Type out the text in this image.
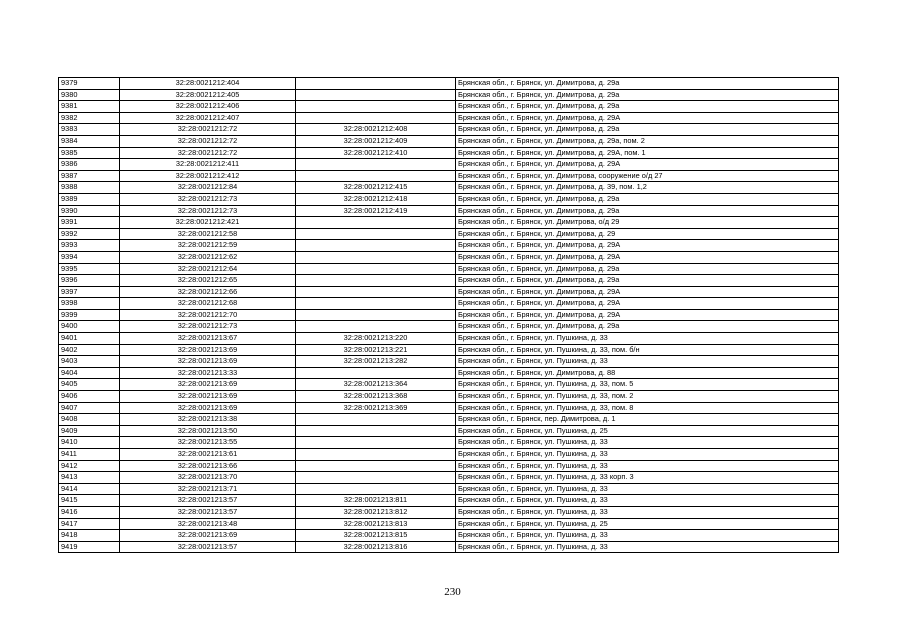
9379	32:28:0021212:404		Брянская обл., г. Брянск, ул. Димитрова, д. 29а
9380	32:28:0021212:405		Брянская обл., г. Брянск, ул. Димитрова, д. 29а
9381	32:28:0021212:406		Брянская обл., г. Брянск, ул. Димитрова, д. 29а
9382	32:28:0021212:407		Брянская обл., г. Брянск, ул. Димитрова, д. 29А
9383	32:28:0021212:72	32:28:0021212:408	Брянская обл., г. Брянск, ул. Димитрова, д. 29а
9384	32:28:0021212:72	32:28:0021212:409	Брянская обл., г. Брянск, ул. Димитрова, д. 29а, пом. 2
9385	32:28:0021212:72	32:28:0021212:410	Брянская обл., г. Брянск, ул. Димитрова, д. 29А, пом. 1
9386	32:28:0021212:411		Брянская обл., г. Брянск, ул. Димитрова, д. 29А
9387	32:28:0021212:412		Брянская обл., г. Брянск, ул. Димитрова, сооружение о/д 27
9388	32:28:0021212:84	32:28:0021212:415	Брянская обл., г. Брянск, ул. Димитрова, д. 39, пом. 1,2
9389	32:28:0021212:73	32:28:0021212:418	Брянская обл., г. Брянск, ул. Димитрова, д. 29а
9390	32:28:0021212:73	32:28:0021212:419	Брянская обл., г. Брянск, ул. Димитрова, д. 29а
9391	32:28:0021212:421		Брянская обл., г. Брянск, ул. Димитрова, о/д 29
9392	32:28:0021212:58		Брянская обл., г. Брянск, ул. Димитрова, д. 29
9393	32:28:0021212:59		Брянская обл., г. Брянск, ул. Димитрова, д. 29А
9394	32:28:0021212:62		Брянская обл., г. Брянск, ул. Димитрова, д. 29А
9395	32:28:0021212:64		Брянская обл., г. Брянск, ул. Димитрова, д. 29а
9396	32:28:0021212:65		Брянская обл., г. Брянск, ул. Димитрова, д. 29а
9397	32:28:0021212:66		Брянская обл., г. Брянск, ул. Димитрова, д. 29А
9398	32:28:0021212:68		Брянская обл., г. Брянск, ул. Димитрова, д. 29А
9399	32:28:0021212:70		Брянская обл., г. Брянск, ул. Димитрова, д. 29А
9400	32:28:0021212:73		Брянская обл., г. Брянск, ул. Димитрова, д. 29а
9401	32:28:0021213:67	32:28:0021213:220	Брянская обл., г. Брянск, ул. Пушкина, д. 33
9402	32:28:0021213:69	32:28:0021213:221	Брянская обл., г. Брянск, ул. Пушкина, д. 33, пом. б/н
9403	32:28:0021213:69	32:28:0021213:282	Брянская обл., г. Брянск, ул. Пушкина, д. 33
9404	32:28:0021213:33		Брянская обл., г. Брянск, ул. Димитрова, д. 88
9405	32:28:0021213:69	32:28:0021213:364	Брянская обл., г. Брянск, ул. Пушкина, д. 33, пом. 5
9406	32:28:0021213:69	32:28:0021213:368	Брянская обл., г. Брянск, ул. Пушкина, д. 33, пом. 2
9407	32:28:0021213:69	32:28:0021213:369	Брянская обл., г. Брянск, ул. Пушкина, д. 33, пом. 8
9408	32:28:0021213:38		Брянская обл., г. Брянск, пер. Димитрова, д. 1
9409	32:28:0021213:50		Брянская обл., г. Брянск, ул. Пушкина, д. 25
9410	32:28:0021213:55		Брянская обл., г. Брянск, ул. Пушкина, д. 33
9411	32:28:0021213:61		Брянская обл., г. Брянск, ул. Пушкина, д. 33
9412	32:28:0021213:66		Брянская обл., г. Брянск, ул. Пушкина, д. 33
9413	32:28:0021213:70		Брянская обл., г. Брянск, ул. Пушкина, д. 33 корп. 3
9414	32:28:0021213:71		Брянская обл., г. Брянск, ул. Пушкина, д. 33
9415	32:28:0021213:57	32:28:0021213:811	Брянская обл., г. Брянск, ул. Пушкина, д. 33
9416	32:28:0021213:57	32:28:0021213:812	Брянская обл., г. Брянск, ул. Пушкина, д. 33
9417	32:28:0021213:48	32:28:0021213:813	Брянская обл., г. Брянск, ул. Пушкина, д. 25
9418	32:28:0021213:69	32:28:0021213:815	Брянская обл., г. Брянск, ул. Пушкина, д. 33
9419	32:28:0021213:57	32:28:0021213:816	Брянская обл., г. Брянск, ул. Пушкина, д. 33
230
